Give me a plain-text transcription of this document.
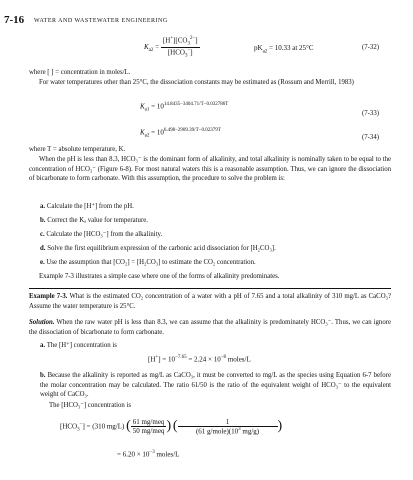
7-16 WATER AND WASTEWATER ENGINEERING
$K_{a2} = \frac{[H^+][CO_3^{2-}]}{[HCO_3^-]}$	$pK_{a2} = 10.33$ at 25°C	(7-32)
where [ ] = concentration in moles/L.
For water temperatures other than 25°C, the dissociation constants may be estimated as (Rossum and Merrill, 1983)
$K_{a1} = 10^{14.8435-3404.71/T-0.032786T}$
(7-33)
$K_{a2} = 10^{6.498-2909.39/T-0.02379T}$
(7-34)
where T = absolute temperature, K.
When the pH is less than 8.3, HCO₃⁻ is the dominant form of alkalinity, and total alkalinity is nominally taken to be equal to the concentration of HCO₃⁻ (Figure 6-8). For most natural waters this is a reasonable assumption. Thus, we can ignore the dissociation of bicarbonate to form carbonate. With this assumption, the procedure to solve the problem is:
a. Calculate the [H⁺] from the pH.
b. Correct the Kₐ value for temperature.
c. Calculate the [HCO₃⁻] from the alkalinity.
d. Solve the first equilibrium expression of the carbonic acid dissociation for [H₂CO₃].
e. Use the assumption that [CO₂] = [H₂CO₃] to estimate the CO₂ concentration.
Example 7-3 illustrates a simple case where one of the forms of alkalinity predominates.
Example 7-3. What is the estimated CO₂ concentration of a water with a pH of 7.65 and a total alkalinity of 310 mg/L as CaCO₃? Assume the water temperature is 25°C.
Solution. When the raw water pH is less than 8.3, we can assume that the alkalinity is predominately HCO₃⁻. Thus, we can ignore the dissociation of bicarbonate to form carbonate.
a. The [H⁺] concentration is
$[H^+] = 10^{-7.65} = 2.24 \times 10^{-8}$ moles/L
b. Because the alkalinity is reported as mg/L as CaCO₃, it must be converted to mg/L as the species using Equation 6-7 before the molar concentration may be calculated. The ratio 61/50 is the ratio of the equivalent weight of HCO₃⁻ to the equivalent weight of CaCO₃.
The [HCO₃⁻] concentration is
$[HCO_3^-] = (310$ mg/L) ( $\frac{\text{61 mg/meq}}{\text{50 mg/meq}}$ ) ( $\frac{1}{(61 g/mole)(10^3 mg/g)}$ )
= $6.20 \times 10^{-3}$ moles/L
